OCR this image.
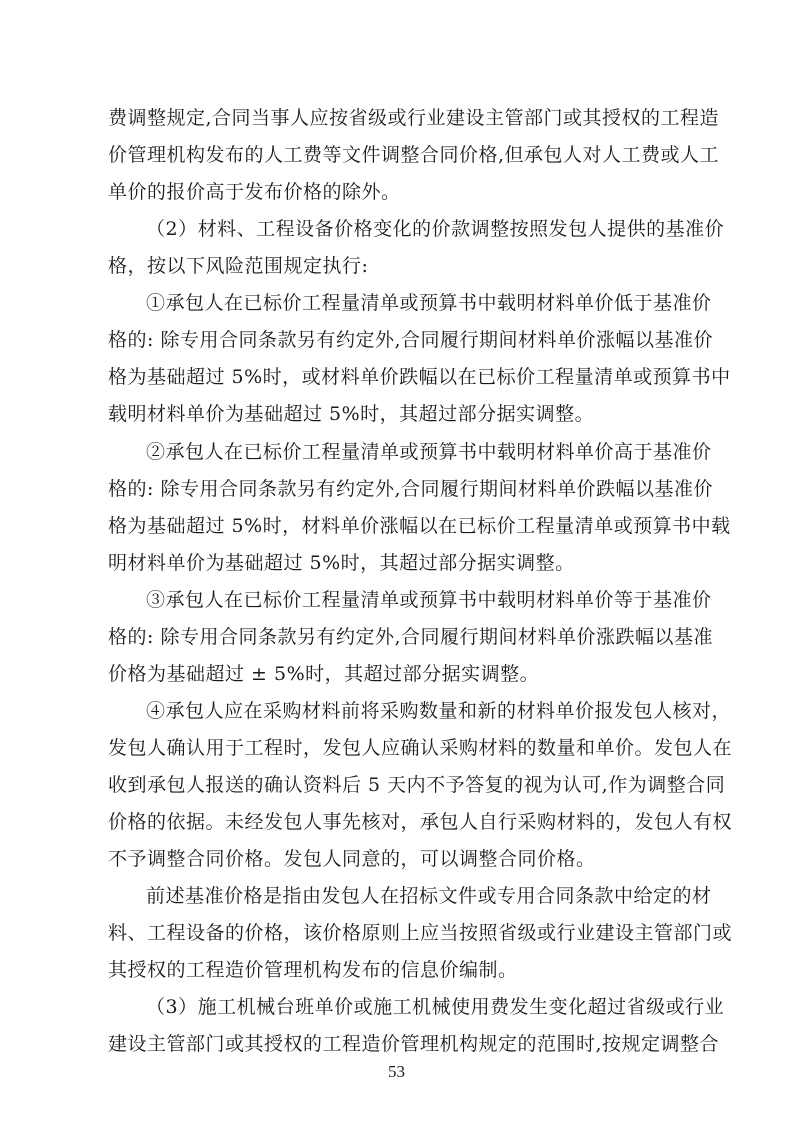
费调整规定,合同当事人应按省级或行业建设主管部门或其授权的工程造
价管理机构发布的人工费等文件调整合同价格,但承包人对人工费或人工
单价的报价高于发布价格的除外。
（2）材料、工程设备价格变化的价款调整按照发包人提供的基准价
格，按以下风险范围规定执行:
①承包人在已标价工程量清单或预算书中载明材料单价低于基准价
格的: 除专用合同条款另有约定外,合同履行期间材料单价涨幅以基准价
格为基础超过 5%时，或材料单价跌幅以在已标价工程量清单或预算书中
载明材料单价为基础超过 5%时，其超过部分据实调整。
②承包人在已标价工程量清单或预算书中载明材料单价高于基准价
格的: 除专用合同条款另有约定外,合同履行期间材料单价跌幅以基准价
格为基础超过 5%时，材料单价涨幅以在已标价工程量清单或预算书中载
明材料单价为基础超过 5%时，其超过部分据实调整。
③承包人在已标价工程量清单或预算书中载明材料单价等于基准价
格的: 除专用合同条款另有约定外,合同履行期间材料单价涨跌幅以基准
价格为基础超过 ± 5%时，其超过部分据实调整。
④承包人应在采购材料前将采购数量和新的材料单价报发包人核对，
发包人确认用于工程时，发包人应确认采购材料的数量和单价。发包人在
收到承包人报送的确认资料后 5 天内不予答复的视为认可,作为调整合同
价格的依据。未经发包人事先核对，承包人自行采购材料的，发包人有权
不予调整合同价格。发包人同意的，可以调整合同价格。
前述基准价格是指由发包人在招标文件或专用合同条款中给定的材
料、工程设备的价格，该价格原则上应当按照省级或行业建设主管部门或
其授权的工程造价管理机构发布的信息价编制。
（3）施工机械台班单价或施工机械使用费发生变化超过省级或行业
建设主管部门或其授权的工程造价管理机构规定的范围时,按规定调整合
53
